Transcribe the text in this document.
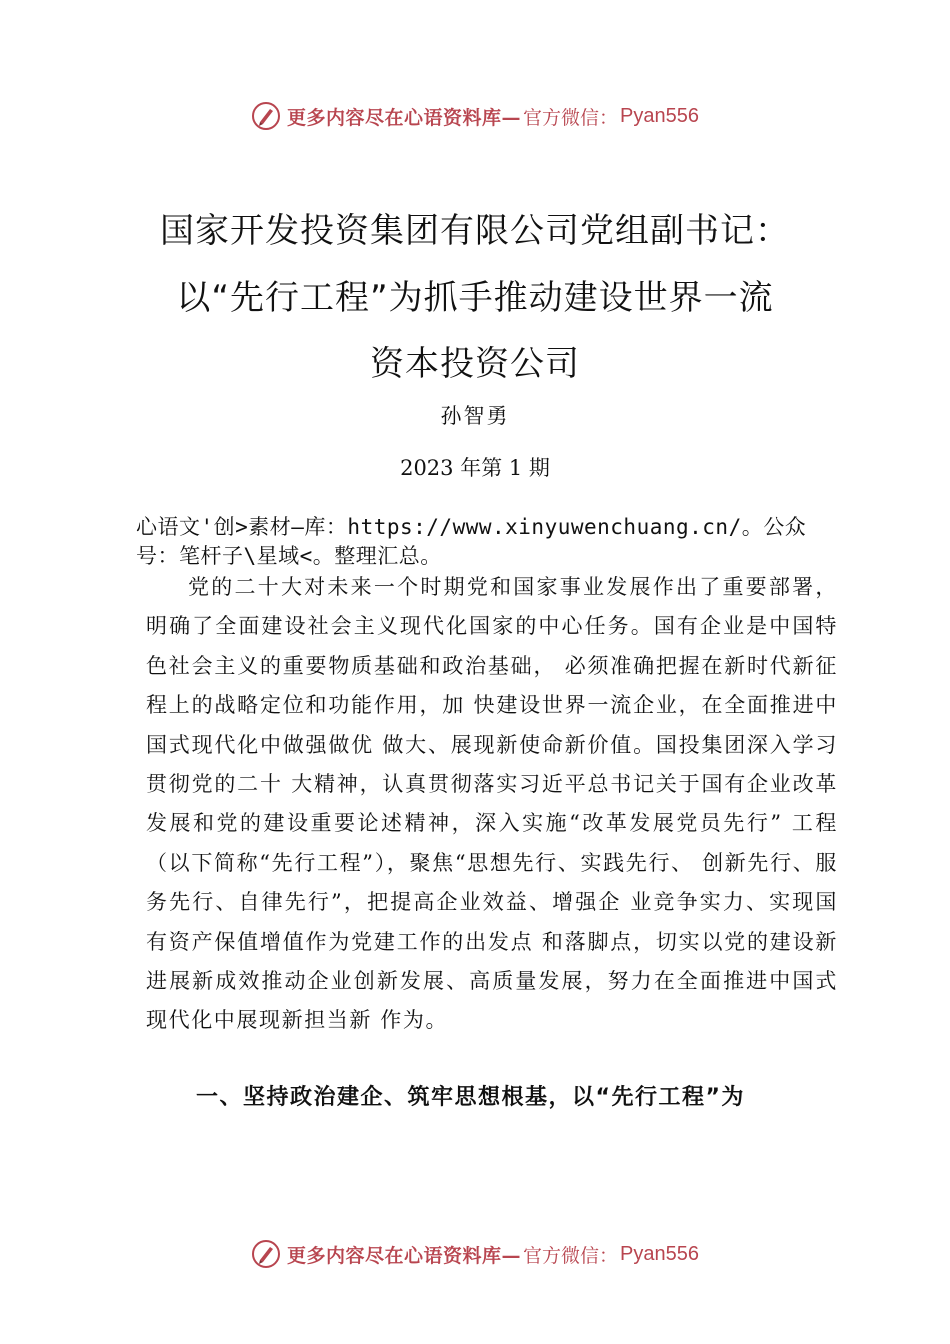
更多内容尽在心语资料库— 官方微信： Pyan556
国家开发投资集团有限公司党组副书记：
以“先行工程”为抓手推动建设世界一流
资本投资公司
孙智勇
2023 年第 1 期
心语文'创>素材—库：https://www.xinyuwenchuang.cn/。公众号：笔杆子\星域<。整理汇总。

党的二十大对未来一个时期党和国家事业发展作出了重要部署，明确了全面建设社会主义现代化国家的中心任务。国有企业是中国特色社会主义的重要物质基础和政治基础， 必须准确把握在新时代新征程上的战略定位和功能作用，加 快建设世界一流企业，在全面推进中国式现代化中做强做优 做大、展现新使命新价值。国投集团深入学习贯彻党的二十 大精神，认真贯彻落实习近平总书记关于国有企业改革发展和党的建设重要论述精神，深入实施“改革发展党员先行” 工程（以下简称“先行工程”），聚焦“思想先行、实践先行、 创新先行、服务先行、自律先行”，把提高企业效益、增强企 业竞争实力、实现国有资产保值增值作为党建工作的出发点 和落脚点，切实以党的建设新进展新成效推动企业创新发展、高质量发展，努力在全面推进中国式现代化中展现新担当新 作为。

一、坚持政治建企、筑牢思想根基，以“先行工程”为
更多内容尽在心语资料库— 官方微信： Pyan556
